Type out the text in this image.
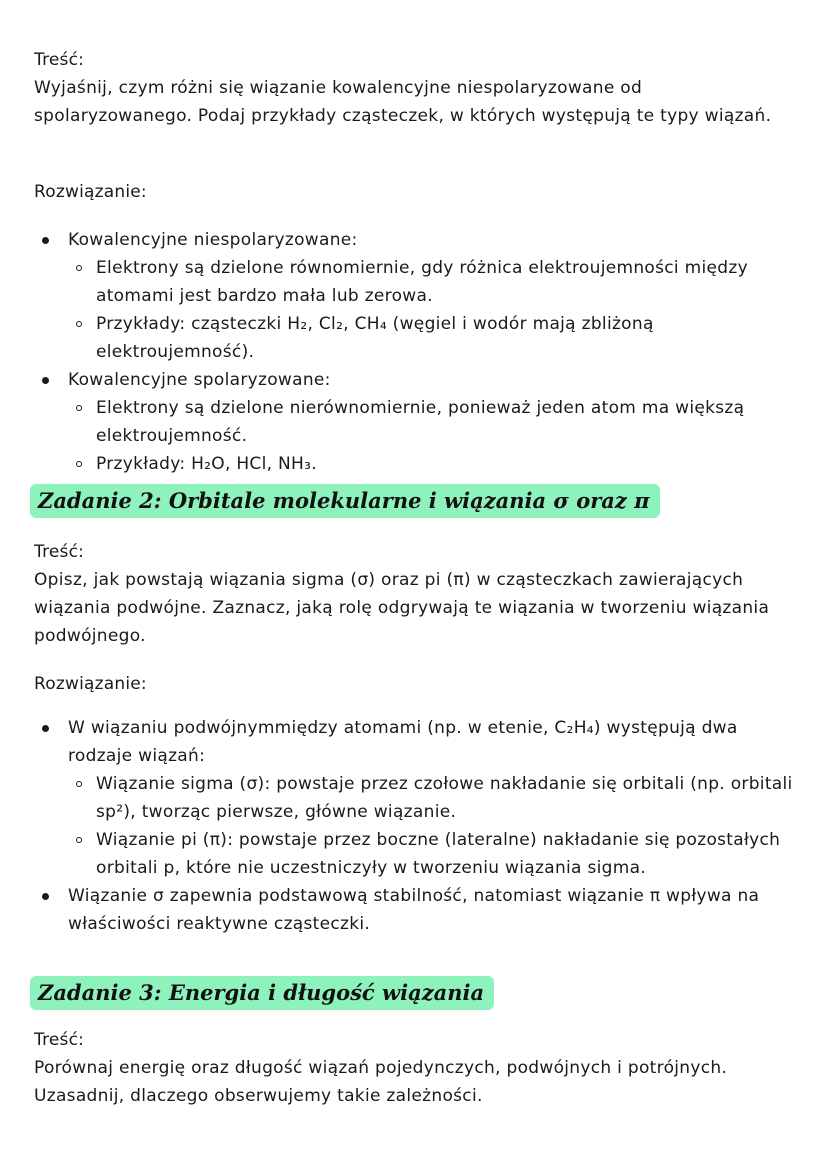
Treść:
Wyjaśnij, czym różni się wiązanie kowalencyjne niespolaryzowane od spolaryzowanego. Podaj przykłady cząsteczek, w których występują te typy wiązań.
Rozwiązanie:
Kowalencyjne niespolaryzowane:
Elektrony są dzielone równomiernie, gdy różnica elektroujemności między atomami jest bardzo mała lub zerowa.
Przykłady: cząsteczki H₂, Cl₂, CH₄ (węgiel i wodór mają zbliżoną elektroujemność).
Kowalencyjne spolaryzowane:
Elektrony są dzielone nierównomiernie, ponieważ jeden atom ma większą elektroujemność.
Przykłady: H₂O, HCl, NH₃.
Zadanie 2: Orbitale molekularne i wiązania σ oraz π
Treść:
Opisz, jak powstają wiązania sigma (σ) oraz pi (π) w cząsteczkach zawierających wiązania podwójne. Zaznacz, jaką rolę odgrywają te wiązania w tworzeniu wiązania podwójnego.
Rozwiązanie:
W wiązaniu podwójnymmiędzy atomami (np. w etenie, C₂H₄) występują dwa rodzaje wiązań:
Wiązanie sigma (σ): powstaje przez czołowe nakładanie się orbitali (np. orbitali sp²), tworząc pierwsze, główne wiązanie.
Wiązanie pi (π): powstaje przez boczne (lateralne) nakładanie się pozostałych orbitali p, które nie uczestniczyły w tworzeniu wiązania sigma.
Wiązanie σ zapewnia podstawową stabilność, natomiast wiązanie π wpływa na właściwości reaktywne cząsteczki.
Zadanie 3: Energia i długość wiązania
Treść:
Porównaj energię oraz długość wiązań pojedynczych, podwójnych i potrójnych. Uzasadnij, dlaczego obserwujemy takie zależności.
